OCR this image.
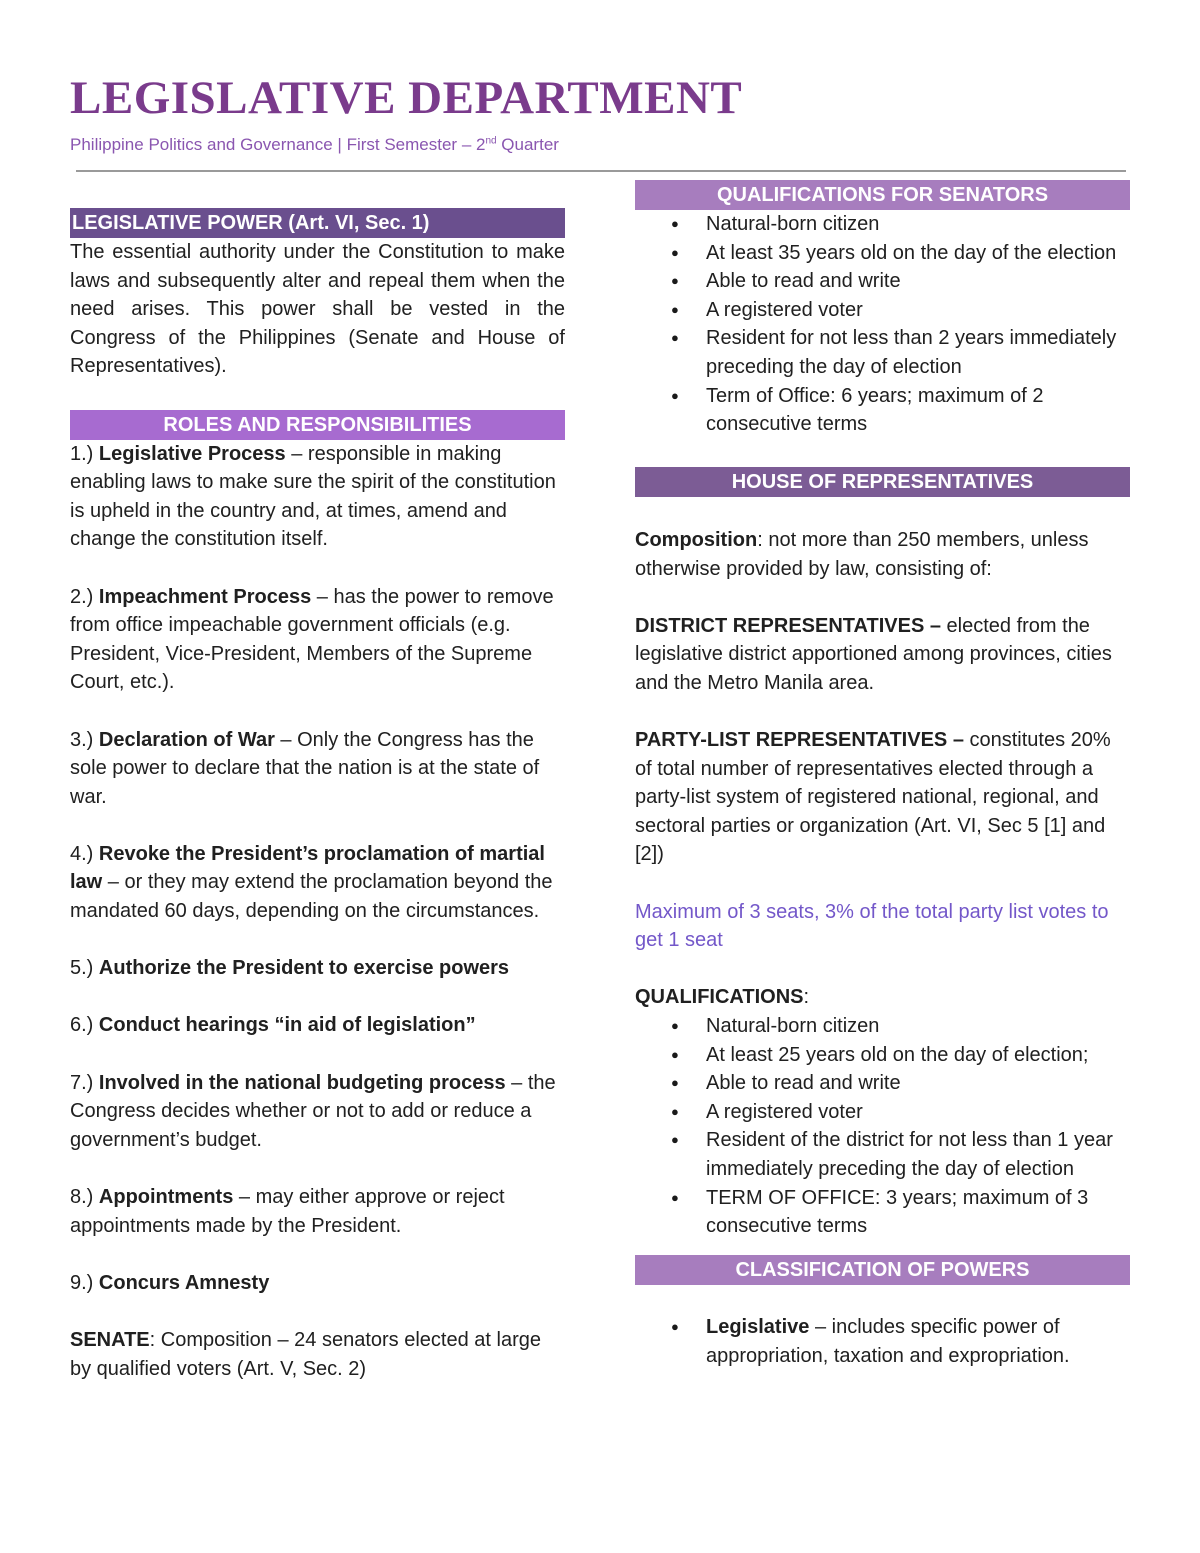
LEGISLATIVE DEPARTMENT
Philippine Politics and Governance | First Semester – 2nd Quarter
LEGISLATIVE POWER (Art. VI, Sec. 1)

The essential authority under the Constitution to make laws and subsequently alter and repeal them when the need arises. This power shall be vested in the Congress of the Philippines (Senate and House of Representatives).

ROLES AND RESPONSIBILITIES

1.) Legislative Process – responsible in making enabling laws to make sure the spirit of the constitution is upheld in the country and, at times, amend and change the constitution itself.

2.) Impeachment Process – has the power to remove from office impeachable government officials (e.g. President, Vice-President, Members of the Supreme Court, etc.).

3.) Declaration of War – Only the Congress has the sole power to declare that the nation is at the state of war.

4.) Revoke the President’s proclamation of martial law – or they may extend the proclamation beyond the mandated 60 days, depending on the circumstances.

5.) Authorize the President to exercise powers

6.) Conduct hearings “in aid of legislation”

7.) Involved in the national budgeting process – the Congress decides whether or not to add or reduce a government’s budget.

8.) Appointments – may either approve or reject appointments made by the President.

9.) Concurs Amnesty

SENATE: Composition – 24 senators elected at large by qualified voters (Art. V, Sec. 2)

QUALIFICATIONS FOR SENATORS
● Natural-born citizen
● At least 35 years old on the day of the election
● Able to read and write
● A registered voter
● Resident for not less than 2 years immediately preceding the day of election
● Term of Office: 6 years; maximum of 2 consecutive terms
HOUSE OF REPRESENTATIVES

Composition: not more than 250 members, unless otherwise provided by law, consisting of:

DISTRICT REPRESENTATIVES – elected from the legislative district apportioned among provinces, cities and the Metro Manila area.

PARTY-LIST REPRESENTATIVES – constitutes 20% of total number of representatives elected through a party-list system of registered national, regional, and sectoral parties or organization (Art. VI, Sec 5 [1] and [2])

Maximum of 3 seats, 3% of the total party list votes to get 1 seat

QUALIFICATIONS:

● Natural-born citizen
● At least 25 years old on the day of election;
● Able to read and write
● A registered voter
● Resident of the district for not less than 1 year immediately preceding the day of election
● TERM OF OFFICE: 3 years; maximum of 3 consecutive terms
CLASSIFICATION OF POWERS
● Legislative – includes specific power of appropriation, taxation and expropriation.
